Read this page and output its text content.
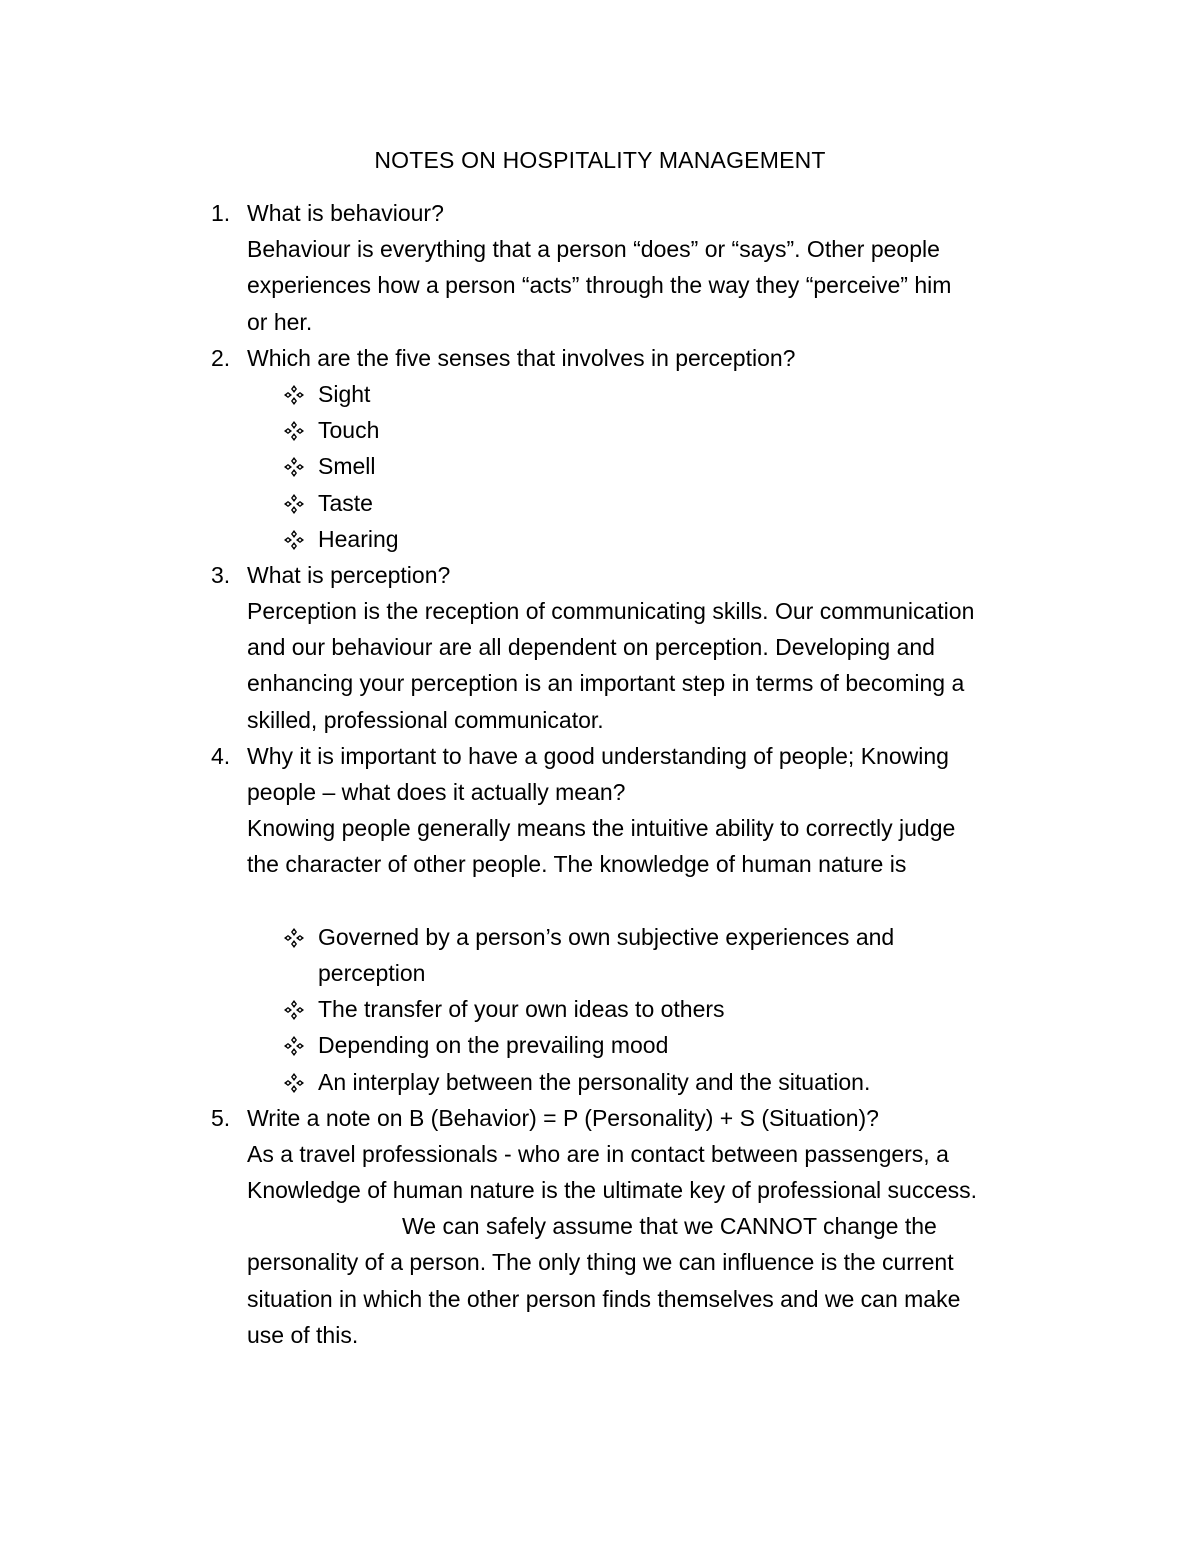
NOTES ON HOSPITALITY MANAGEMENT
1. What is behaviour?
Behaviour is everything that a person “does” or “says”. Other people
experiences how a person “acts” through the way they “perceive” him
or her.
2. Which are the five senses that involves in perception?
Sight
Touch
Smell
Taste
Hearing
3. What is perception?
Perception is the reception of communicating skills. Our communication
and our behaviour are all dependent on perception. Developing and
enhancing your perception is an important step in terms of becoming a
skilled, professional communicator.
4. Why it is important to have a good understanding of people; Knowing
people – what does it actually mean?
Knowing people generally means the intuitive ability to correctly judge
the character of other people. The knowledge of human nature is
Governed by a person’s own subjective experiences and
perception
The transfer of your own ideas to others
Depending on the prevailing mood
An interplay between the personality and the situation.
5. Write a note on B (Behavior) = P (Personality) + S (Situation)?
As a travel professionals - who are in contact between passengers, a
Knowledge of human nature is the ultimate key of professional success.
We can safely assume that we CANNOT change the
personality of a person. The only thing we can influence is the current
situation in which the other person finds themselves and we can make
use of this.
